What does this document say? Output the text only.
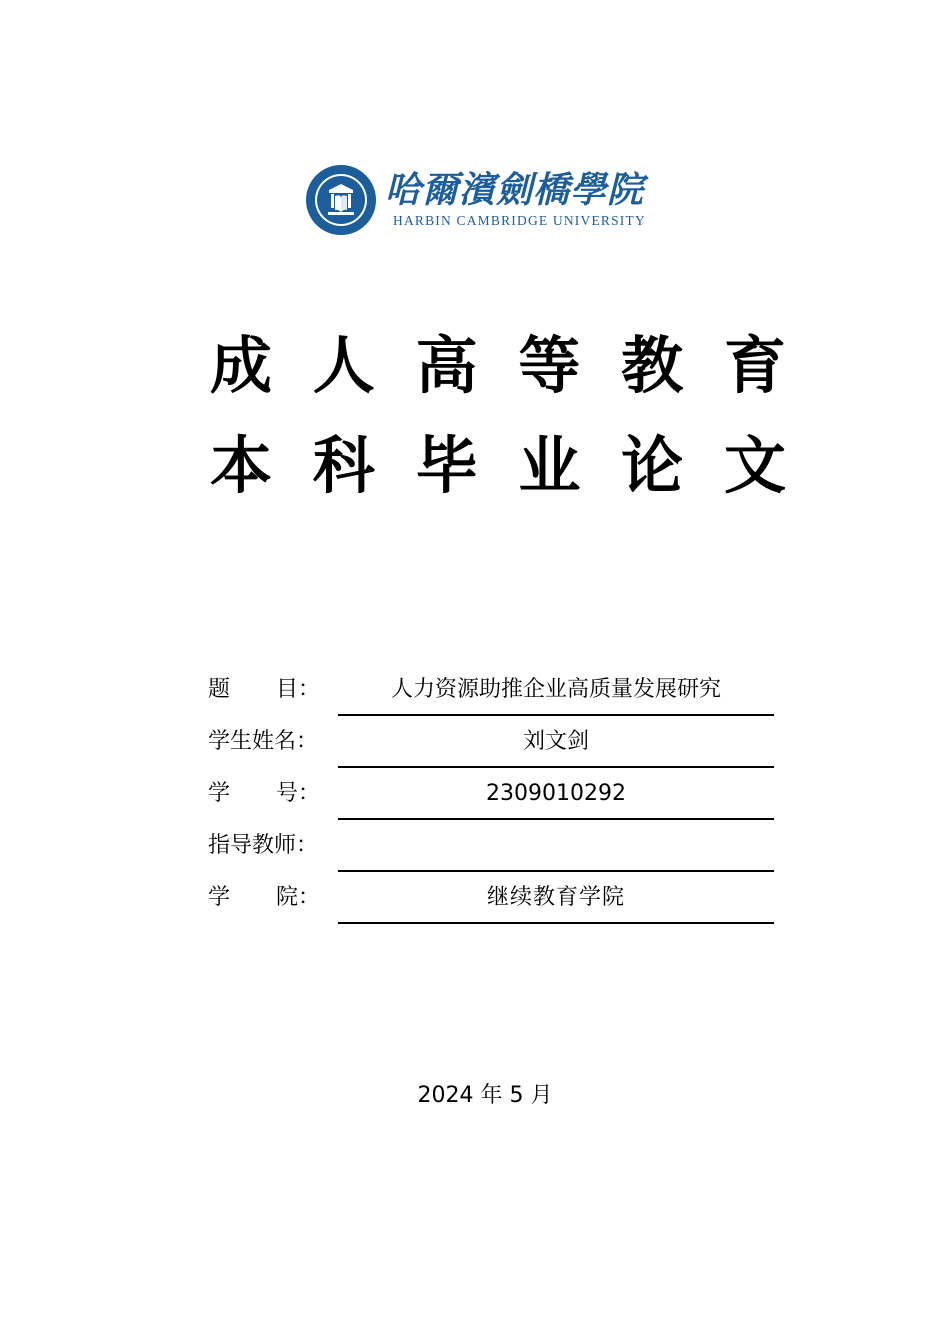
哈爾濱劍橋學院
HARBIN CAMBRIDGE UNIVERSITY
成 人 高 等 教 育
本 科 毕 业 论 文
题 目：	人力资源助推企业高质量发展研究
学生姓名：	刘文剑
学 号：	2309010292
指导教师：
学 院：	继续教育学院
2024 年 5 月
